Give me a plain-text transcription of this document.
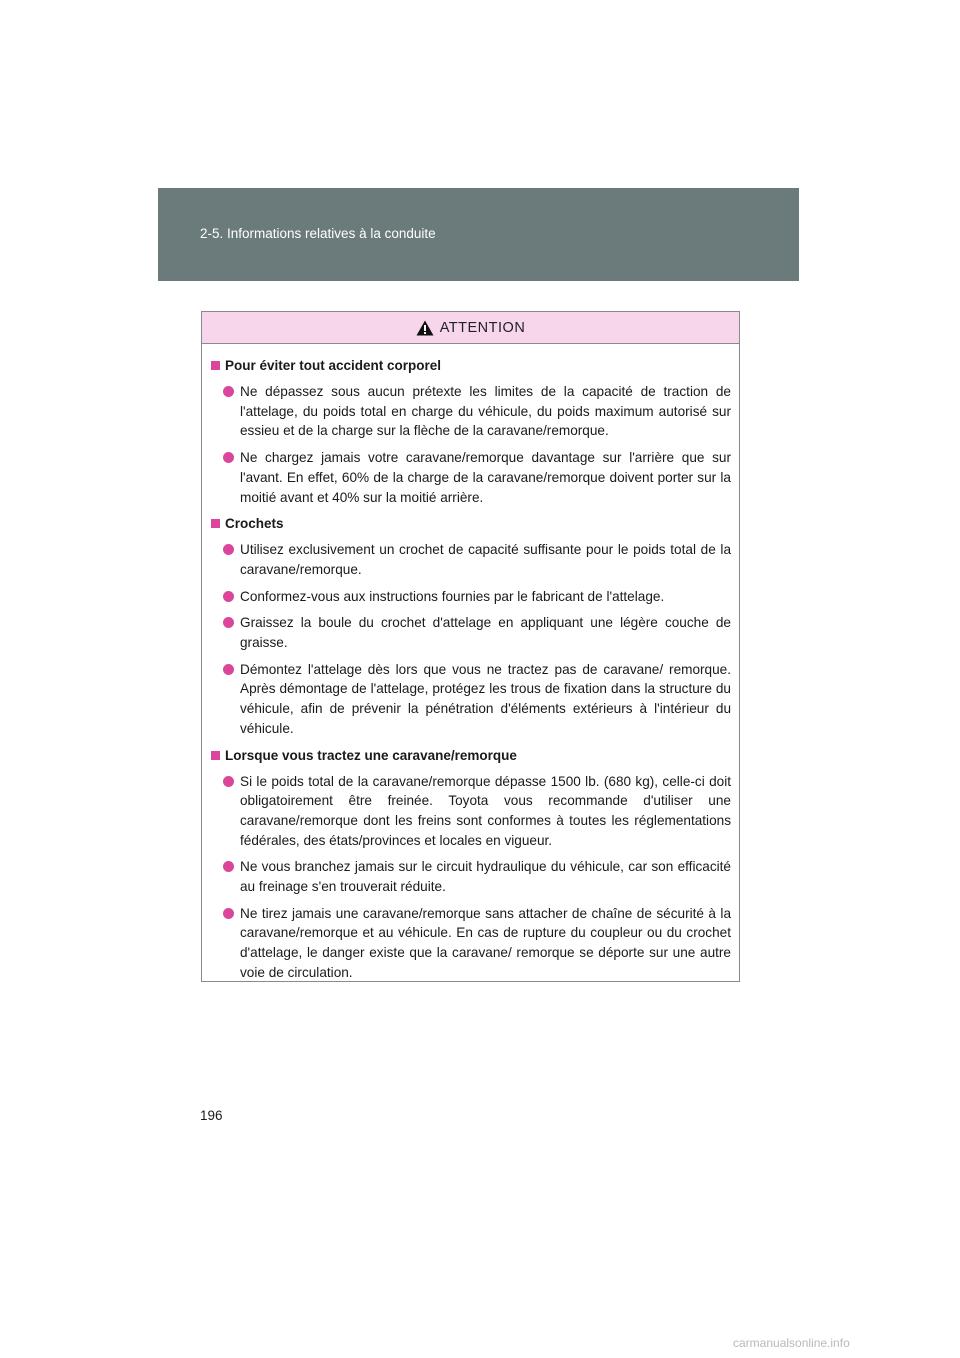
2-5. Informations relatives à la conduite
ATTENTION
Pour éviter tout accident corporel
Ne dépassez sous aucun prétexte les limites de la capacité de traction de l'attelage, du poids total en charge du véhicule, du poids maximum autorisé sur essieu et de la charge sur la flèche de la caravane/remorque.
Ne chargez jamais votre caravane/remorque davantage sur l'arrière que sur l'avant. En effet, 60% de la charge de la caravane/remorque doivent porter sur la moitié avant et 40% sur la moitié arrière.
Crochets
Utilisez exclusivement un crochet de capacité suffisante pour le poids total de la caravane/remorque.
Conformez-vous aux instructions fournies par le fabricant de l'attelage.
Graissez la boule du crochet d'attelage en appliquant une légère couche de graisse.
Démontez l'attelage dès lors que vous ne tractez pas de caravane/ remorque. Après démontage de l'attelage, protégez les trous de fixation dans la structure du véhicule, afin de prévenir la pénétration d'éléments extérieurs à l'intérieur du véhicule.
Lorsque vous tractez une caravane/remorque
Si le poids total de la caravane/remorque dépasse 1500 lb. (680 kg), celle-ci doit obligatoirement être freinée. Toyota vous recommande d'utiliser une caravane/remorque dont les freins sont conformes à toutes les réglementations fédérales, des états/provinces et locales en vigueur.
Ne vous branchez jamais sur le circuit hydraulique du véhicule, car son efficacité au freinage s'en trouverait réduite.
Ne tirez jamais une caravane/remorque sans attacher de chaîne de sécurité à la caravane/remorque et au véhicule. En cas de rupture du coupleur ou du crochet d'attelage, le danger existe que la caravane/ remorque se déporte sur une autre voie de circulation.
196
carmanualsonline.info
